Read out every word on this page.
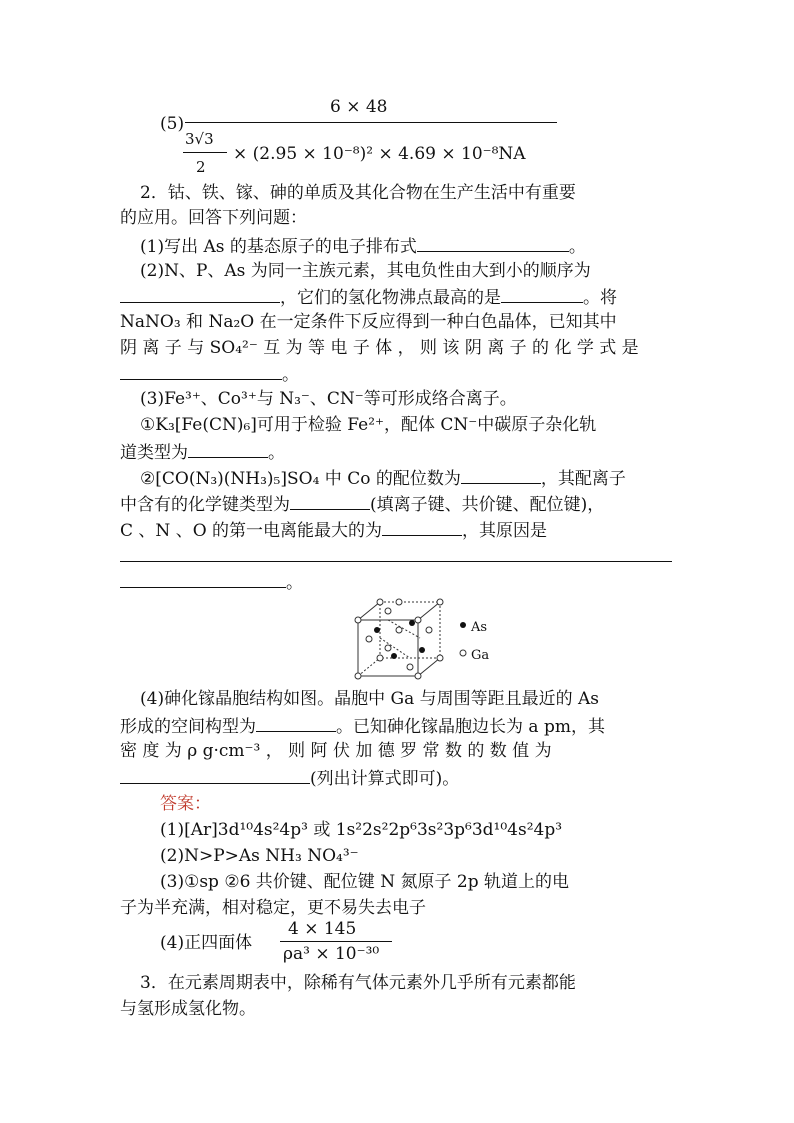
(5)
6 × 48
3√3
2
× (2.95 × 10⁻⁸)² × 4.69 × 10⁻⁸NA
2．钴、铁、镓、砷的单质及其化合物在生产生活中有重要
的应用。回答下列问题：
(1)写出 As 的基态原子的电子排布式	。
(2)N、P、As 为同一主族元素，其电负性由大到小的顺序为
，它们的氢化物沸点最高的是	。将
NaNO₃ 和 Na₂O 在一定条件下反应得到一种白色晶体，已知其中
阴 离 子 与 SO₄²⁻ 互 为 等 电 子 体 ， 则 该 阴 离 子 的 化 学 式 是
。
(3)Fe³⁺、Co³⁺与 N₃⁻、CN⁻等可形成络合离子。
①K₃[Fe(CN)₆]可用于检验 Fe²⁺，配体 CN⁻中碳原子杂化轨
道类型为	。
②[CO(N₃)(NH₃)₅]SO₄ 中 Co 的配位数为	，其配离子
中含有的化学键类型为	(填离子键、共价键、配位键)，
C 、N 、O 的第一电离能最大的为	，其原因是
。
As
Ga
(4)砷化镓晶胞结构如图。晶胞中 Ga 与周围等距且最近的 As
形成的空间构型为	。已知砷化镓晶胞边长为 a pm，其
密 度 为 ρ g·cm⁻³ ， 则 阿 伏 加 德 罗 常 数 的 数 值 为
(列出计算式即可)。
答案：
(1)[Ar]3d¹⁰4s²4p³ 或 1s²2s²2p⁶3s²3p⁶3d¹⁰4s²4p³
(2)N>P>As NH₃ NO₄³⁻
(3)①sp ②6 共价键、配位键 N 氮原子 2p 轨道上的电
子为半充满，相对稳定，更不易失去电子
(4)正四面体
4 × 145
ρa³ × 10⁻³⁰
3．在元素周期表中，除稀有气体元素外几乎所有元素都能
与氢形成氢化物。
